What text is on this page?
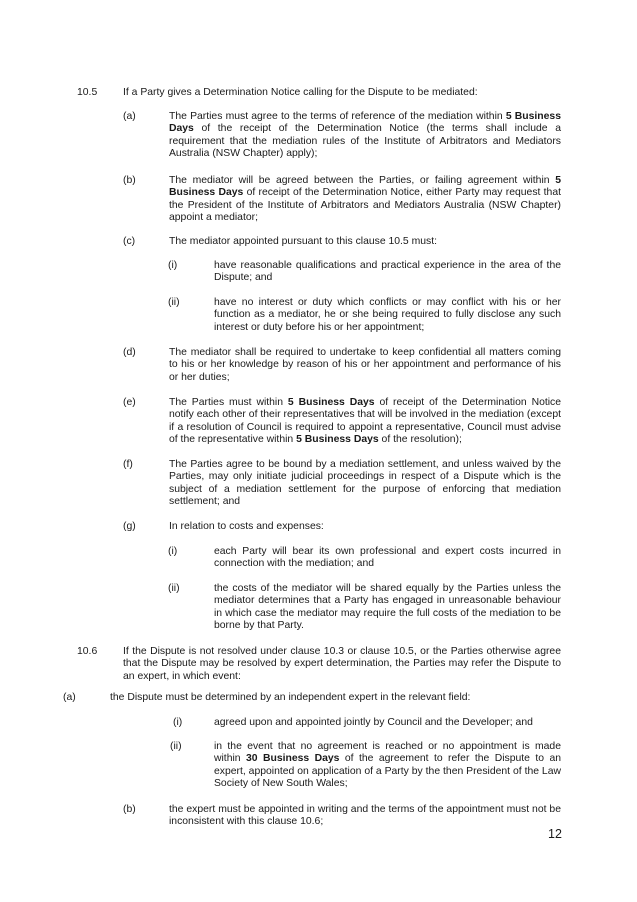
10.5 If a Party gives a Determination Notice calling for the Dispute to be mediated:
(a)	The Parties must agree to the terms of reference of the mediation within 5 Business Days of the receipt of the Determination Notice (the terms shall include a requirement that the mediation rules of the Institute of Arbitrators and Mediators Australia (NSW Chapter) apply);
(b)	The mediator will be agreed between the Parties, or failing agreement within 5 Business Days of receipt of the Determination Notice, either Party may request that the President of the Institute of Arbitrators and Mediators Australia (NSW Chapter) appoint a mediator;
(c)	The mediator appointed pursuant to this clause 10.5 must:
(i)	have reasonable qualifications and practical experience in the area of the Dispute; and
(ii)	have no interest or duty which conflicts or may conflict with his or her function as a mediator, he or she being required to fully disclose any such interest or duty before his or her appointment;
(d)	The mediator shall be required to undertake to keep confidential all matters coming to his or her knowledge by reason of his or her appointment and performance of his or her duties;
(e)	The Parties must within 5 Business Days of receipt of the Determination Notice notify each other of their representatives that will be involved in the mediation (except if a resolution of Council is required to appoint a representative, Council must advise of the representative within 5 Business Days of the resolution);
(f)	The Parties agree to be bound by a mediation settlement, and unless waived by the Parties, may only initiate judicial proceedings in respect of a Dispute which is the subject of a mediation settlement for the purpose of enforcing that mediation settlement; and
(g)	In relation to costs and expenses:
(i)	each Party will bear its own professional and expert costs incurred in connection with the mediation; and
(ii)	the costs of the mediator will be shared equally by the Parties unless the mediator determines that a Party has engaged in unreasonable behaviour in which case the mediator may require the full costs of the mediation to be borne by that Party.
10.6 If the Dispute is not resolved under clause 10.3 or clause 10.5, or the Parties otherwise agree that the Dispute may be resolved by expert determination, the Parties may refer the Dispute to an expert, in which event:
(a)	the Dispute must be determined by an independent expert in the relevant field:
(i)	agreed upon and appointed jointly by Council and the Developer; and
(ii)	in the event that no agreement is reached or no appointment is made within 30 Business Days of the agreement to refer the Dispute to an expert, appointed on application of a Party by the then President of the Law Society of New South Wales;
(b)	the expert must be appointed in writing and the terms of the appointment must not be inconsistent with this clause 10.6;
12
